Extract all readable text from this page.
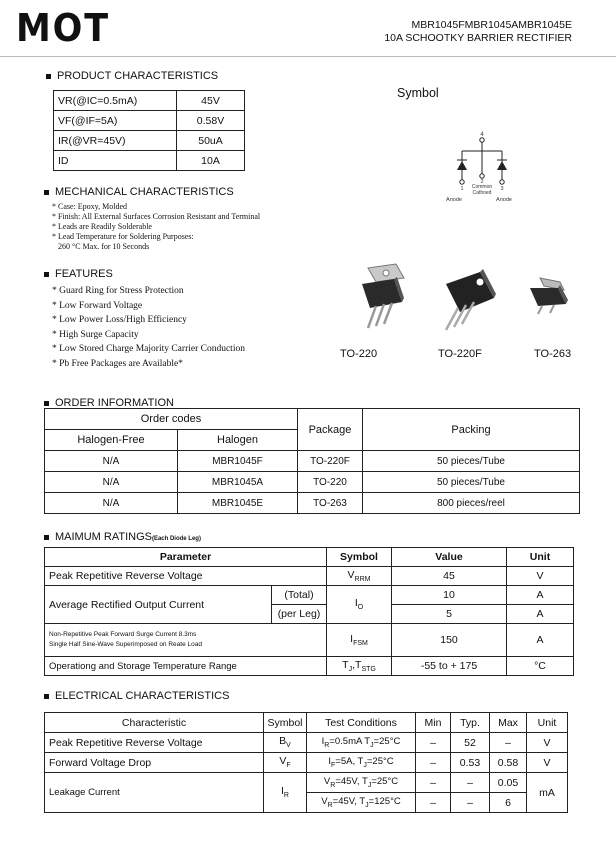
MOT	MBR1045FMBR1045AMBR1045E
10A SCHOOTKY BARRIER RECTIFIER
PRODUCT CHARACTERISTICS
VR(@IC=0.5mA)	45V
VF(@IF=5A)	0.58V
IR(@VR=45V)	50uA
ID	10A
Symbol
4
1
2
3
Common
Cathoed
Anode	Anode
MECHANICAL CHARACTERISTICS
* Case: Epoxy, Molded
* Finish: All External Surfaces Corrosion Resistant and Terminal
* Leads are Readily Solderable
* Lead Temperature for Soldering Purposes:
260 °C Max. for 10 Seconds
FEATURES
* Guard Ring for Stress Protection
* Low Forward Voltage
* Low Power Loss/High Efficiency
* High Surge Capacity
* Low Stored Charge Majority Carrier Conduction
* Pb Free Packages are Available*
TO-220	TO-220F	TO-263
ORDER INFORMATION
Order codes		Package	Packing
Halogen-Free	Halogen		
N/A	MBR1045F	TO-220F	50 pieces/Tube
N/A	MBR1045A	TO-220	50 pieces/Tube
N/A	MBR1045E	TO-263	800 pieces/reel
MAIMUM RATINGS(Each Diode Leg)
Parameter		Symbol	Value	Unit
Peak Repetitive Reverse Voltage		$V_{RRM}$	45	V
Average Rectified Output Current	(Total)	$I_O$	10	A
	(per Leg)		5	A

Non-Repetitive Peak Forward Surge Current 8.3ms
Single Half Sine-Wave Superimposed on Reate Load		$I_{FSM}$	150	A
Operationg and Storage Temperature Range		$T_J,T_{STG}$	-55 to + 175	°C
ELECTRICAL CHARACTERISTICS
Characteristic	Symbol	Test Conditions	Min	Typ.	Max	Unit
Peak Repetitive Reverse Voltage	$B_V$	$I_R=0.5mA$ $T_J=25^\circ C$	–	52	–	V
Forward Voltage Drop	$V_F$	$I_F=5A$, $T_J=25^\circ C$	–	0.53	0.58	V
Leakage Current	$I_R$	$V_R=45V$, $T_J=25^\circ C$	–	–	0.05	mA
		$V_R=45V$, $T_J=125^\circ C$	–	–	6	
